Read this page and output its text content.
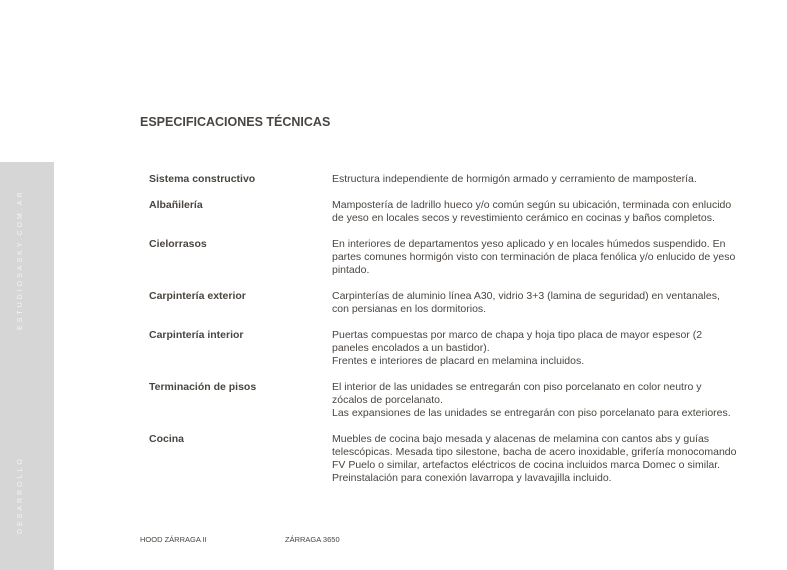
ESTUDIOSASKY.COM.AR
DESARROLLO
ESPECIFICACIONES TÉCNICAS
Sistema constructivo	Estructura independiente de hormigón armado y cerramiento de mampostería.
Albañilería	Mampostería de ladrillo hueco y/o común según su ubicación, terminada con enlucido
de yeso en locales secos y revestimiento cerámico en cocinas y baños completos.
Cielorrasos	En interiores de departamentos yeso aplicado y en locales húmedos suspendido. En
partes comunes hormigón visto con terminación de placa fenólica y/o enlucido de yeso
pintado.
Carpintería exterior	Carpinterías de aluminio línea A30, vidrio 3+3 (lamina de seguridad) en ventanales,
con persianas en los dormitorios.
Carpintería interior	Puertas compuestas por marco de chapa y hoja tipo placa de mayor espesor (2
paneles encolados a un bastidor).
Frentes e interiores de placard en melamina incluidos.
Terminación de pisos	El interior de las unidades se entregarán con piso porcelanato en color neutro y
zócalos de porcelanato.
Las expansiones de las unidades se entregarán con piso porcelanato para exteriores.
Cocina	Muebles de cocina bajo mesada y alacenas de melamina con cantos abs y guías
telescópicas. Mesada tipo silestone, bacha de acero inoxidable, grifería monocomando
FV Puelo o similar, artefactos eléctricos de cocina incluidos marca Domec o similar.
Preinstalación para conexión lavarropa y lavavajilla incluido.
HOOD ZÁRRAGA II	ZÁRRAGA 3650
